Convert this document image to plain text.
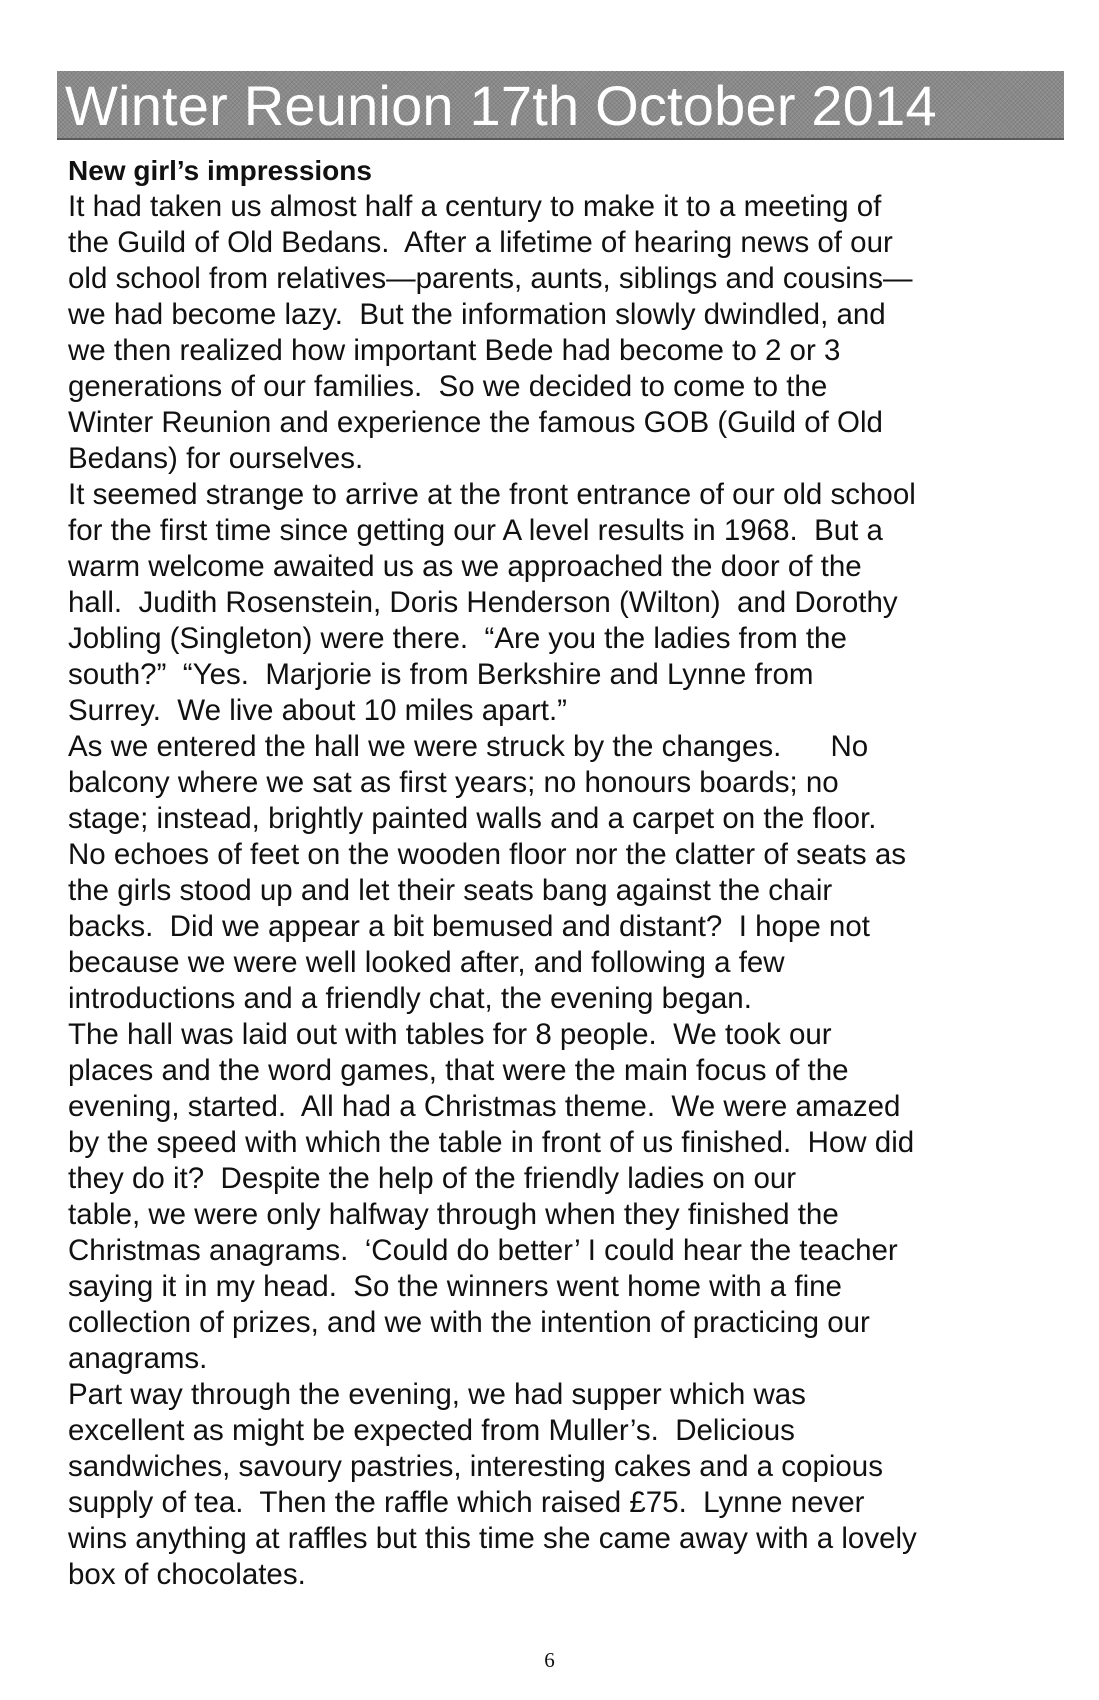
Winter Reunion 17th October 2014

New girl’s impressions

It had taken us almost half a century to make it to a meeting of
the Guild of Old Bedans.  After a lifetime of hearing news of our
old school from relatives—parents, aunts, siblings and cousins—
we had become lazy.  But the information slowly dwindled, and
we then realized how important Bede had become to 2 or 3
generations of our families.  So we decided to come to the
Winter Reunion and experience the famous GOB (Guild of Old
Bedans) for ourselves.

It seemed strange to arrive at the front entrance of our old school
for the first time since getting our A level results in 1968.  But a
warm welcome awaited us as we approached the door of the
hall.  Judith Rosenstein, Doris Henderson (Wilton)  and Dorothy
Jobling (Singleton) were there.  “Are you the ladies from the
south?”  “Yes.  Marjorie is from Berkshire and Lynne from
Surrey.  We live about 10 miles apart.”

As we entered the hall we were struck by the changes.      No
balcony where we sat as first years; no honours boards; no
stage; instead, brightly painted walls and a carpet on the floor.
No echoes of feet on the wooden floor nor the clatter of seats as
the girls stood up and let their seats bang against the chair
backs.  Did we appear a bit bemused and distant?  I hope not
because we were well looked after, and following a few
introductions and a friendly chat, the evening began.

The hall was laid out with tables for 8 people.  We took our
places and the word games, that were the main focus of the
evening, started.  All had a Christmas theme.  We were amazed
by the speed with which the table in front of us finished.  How did
they do it?  Despite the help of the friendly ladies on our
table, we were only halfway through when they finished the
Christmas anagrams.  ‘Could do better’ I could hear the teacher
saying it in my head.  So the winners went home with a fine
collection of prizes, and we with the intention of practicing our
anagrams.

Part way through the evening, we had supper which was
excellent as might be expected from Muller’s.  Delicious
sandwiches, savoury pastries, interesting cakes and a copious
supply of tea.  Then the raffle which raised £75.  Lynne never
wins anything at raffles but this time she came away with a lovely
box of chocolates.

6
